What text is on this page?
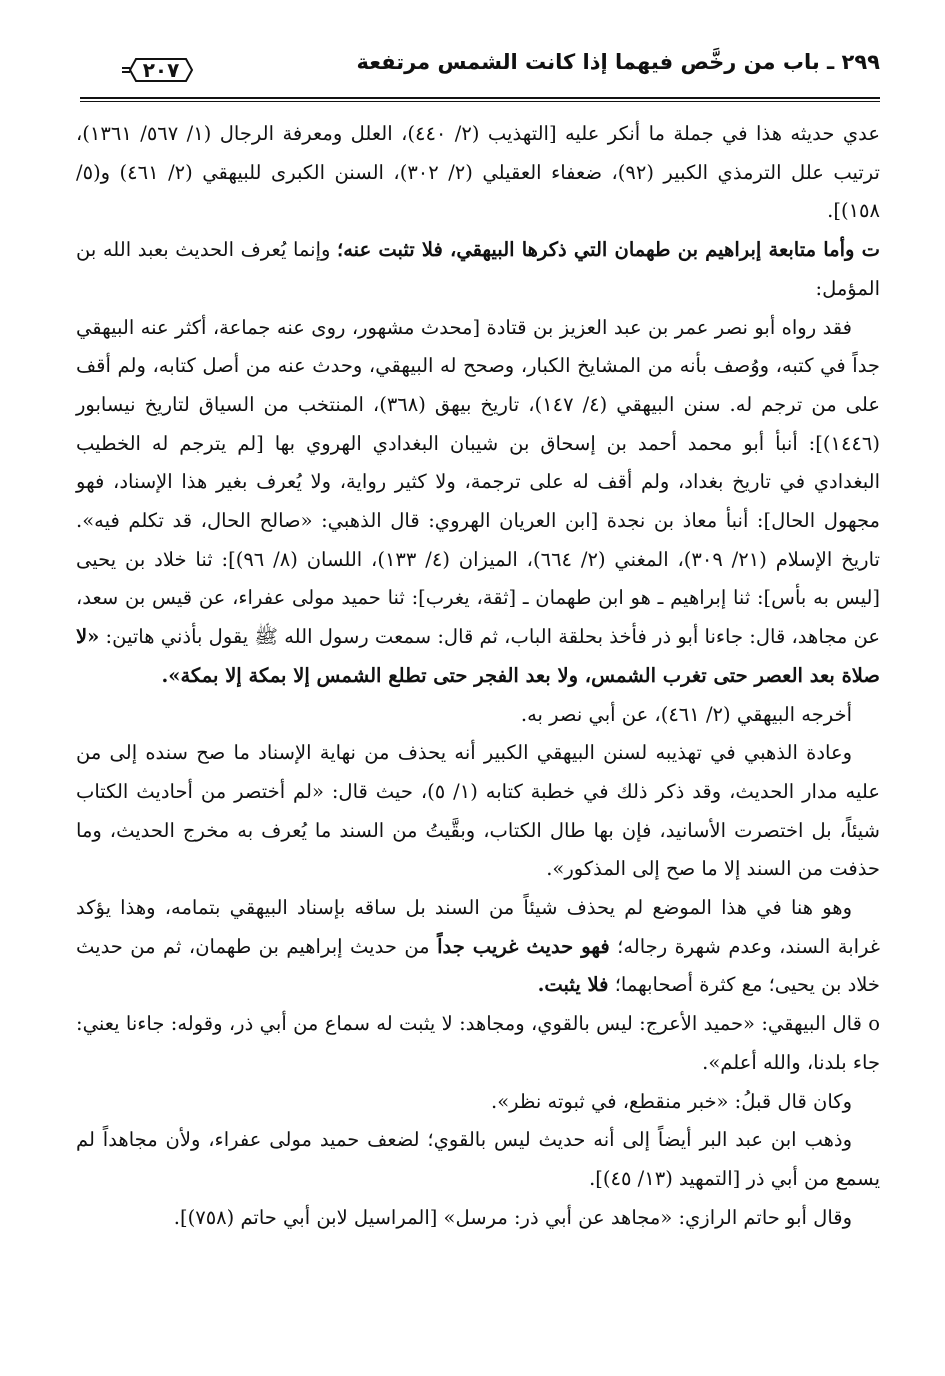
٢٠٧	٢٩٩ ـ باب من رخَّص فيهما إذا كانت الشمس مرتفعة

عدي حديثه هذا في جملة ما أنكر عليه [التهذيب (٢/ ٤٤٠)، العلل ومعرفة الرجال (١/ ٥٦٧/ ١٣٦١)، ترتيب علل الترمذي الكبير (٩٢)، ضعفاء العقيلي (٢/ ٣٠٢)، السنن الكبرى للبيهقي (٢/ ٤٦١) و(٥/ ١٥٨)].

ت وأما متابعة إبراهيم بن طهمان التي ذكرها البيهقي، فلا تثبت عنه؛ وإنما يُعرف الحديث بعبد الله بن المؤمل:

فقد رواه أبو نصر عمر بن عبد العزيز بن قتادة [محدث مشهور، روى عنه جماعة، أكثر عنه البيهقي جداً في كتبه، ووُصف بأنه من المشايخ الكبار، وصحح له البيهقي، وحدث عنه من أصل كتابه، ولم أقف على من ترجم له. سنن البيهقي (٤/ ١٤٧)، تاريخ بيهق (٣٦٨)، المنتخب من السياق لتاريخ نيسابور (١٤٤٦)]: أنبأ أبو محمد أحمد بن إسحاق بن شيبان البغدادي الهروي بها [لم يترجم له الخطيب البغدادي في تاريخ بغداد، ولم أقف له على ترجمة، ولا كثير رواية، ولا يُعرف بغير هذا الإسناد، فهو مجهول الحال]: أنبأ معاذ بن نجدة [ابن العريان الهروي: قال الذهبي: «صالح الحال، قد تكلم فيه». تاريخ الإسلام (٢١/ ٣٠٩)، المغني (٢/ ٦٦٤)، الميزان (٤/ ١٣٣)، اللسان (٨/ ٩٦)]: ثنا خلاد بن يحيى [ليس به بأس]: ثنا إبراهيم ـ هو ابن طهمان ـ [ثقة، يغرب]: ثنا حميد مولى عفراء، عن قيس بن سعد، عن مجاهد، قال: جاءنا أبو ذر فأخذ بحلقة الباب، ثم قال: سمعت رسول الله ﷺ يقول بأذني هاتين: «لا صلاة بعد العصر حتى تغرب الشمس، ولا بعد الفجر حتى تطلع الشمس إلا بمكة إلا بمكة».

أخرجه البيهقي (٢/ ٤٦١)، عن أبي نصر به.

وعادة الذهبي في تهذيبه لسنن البيهقي الكبير أنه يحذف من نهاية الإسناد ما صح سنده إلى من عليه مدار الحديث، وقد ذكر ذلك في خطبة كتابه (١/ ٥)، حيث قال: «لم أختصر من أحاديث الكتاب شيئاً، بل اختصرت الأسانيد، فإن بها طال الكتاب، وبقَّيتُ من السند ما يُعرف به مخرج الحديث، وما حذفت من السند إلا ما صح إلى المذكور».

وهو هنا في هذا الموضع لم يحذف شيئاً من السند بل ساقه بإسناد البيهقي بتمامه، وهذا يؤكد غرابة السند، وعدم شهرة رجاله؛ فهو حديث غريب جداً من حديث إبراهيم بن طهمان، ثم من حديث خلاد بن يحيى؛ مع كثرة أصحابهما؛ فلا يثبت.

o قال البيهقي: «حميد الأعرج: ليس بالقوي، ومجاهد: لا يثبت له سماع من أبي ذر، وقوله: جاءنا يعني: جاء بلدنا، والله أعلم».

وكان قال قبلُ: «خبر منقطع، في ثبوته نظر».

وذهب ابن عبد البر أيضاً إلى أنه حديث ليس بالقوي؛ لضعف حميد مولى عفراء، ولأن مجاهداً لم يسمع من أبي ذر [التمهيد (١٣/ ٤٥)].

وقال أبو حاتم الرازي: «مجاهد عن أبي ذر: مرسل» [المراسيل لابن أبي حاتم (٧٥٨)].
